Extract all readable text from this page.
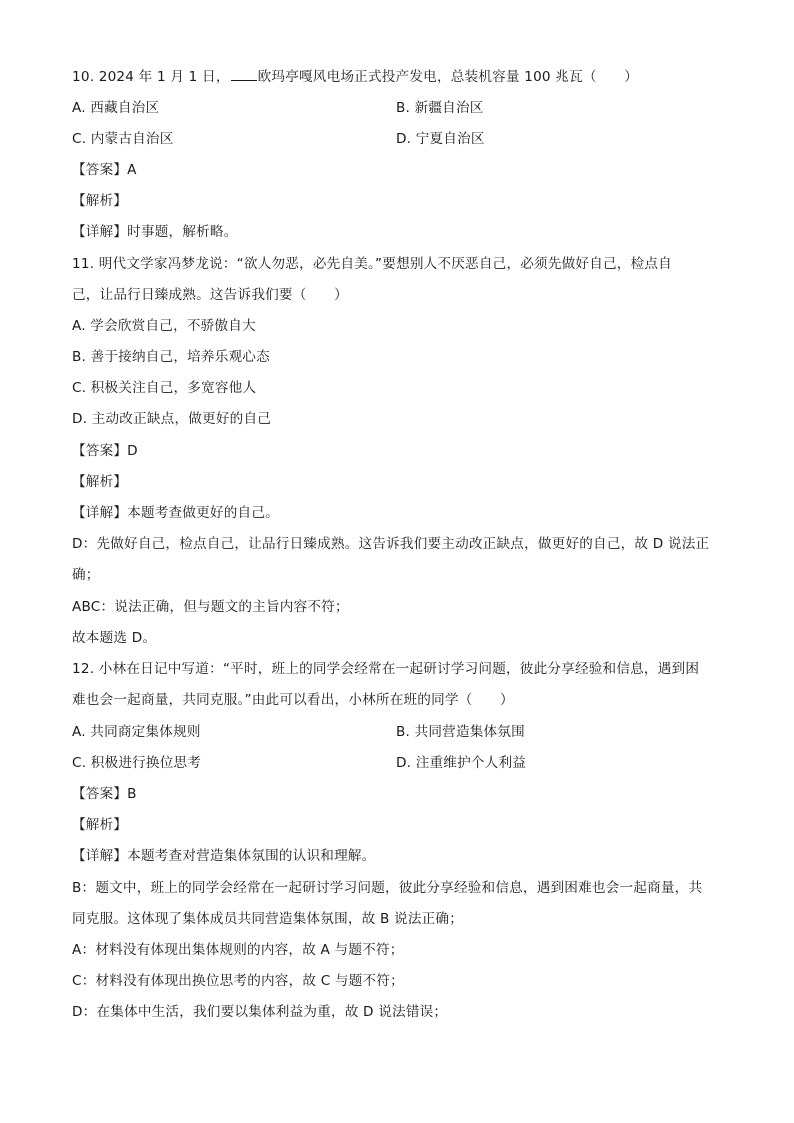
10. 2024 年 1 月 1 日， 欧玛亭嘎风电场正式投产发电，总装机容量 100 兆瓦（　　）
A. 西藏自治区	B. 新疆自治区
C. 内蒙古自治区	D. 宁夏自治区
【答案】A
【解析】
【详解】时事题，解析略。
11. 明代文学家冯梦龙说：“欲人勿恶，必先自美。”要想别人不厌恶自己，必须先做好自己，检点自
己，让品行日臻成熟。这告诉我们要（　　）
A. 学会欣赏自己，不骄傲自大
B. 善于接纳自己，培养乐观心态
C. 积极关注自己，多宽容他人
D. 主动改正缺点，做更好的自己
【答案】D
【解析】
【详解】本题考查做更好的自己。
D：先做好自己，检点自己，让品行日臻成熟。这告诉我们要主动改正缺点，做更好的自己，故 D 说法正
确；
ABC：说法正确，但与题文的主旨内容不符；
故本题选 D。
12. 小林在日记中写道：“平时，班上的同学会经常在一起研讨学习问题，彼此分享经验和信息，遇到困
难也会一起商量，共同克服。”由此可以看出，小林所在班的同学（　　）
A. 共同商定集体规则	B. 共同营造集体氛围
C. 积极进行换位思考	D. 注重维护个人利益
【答案】B
【解析】
【详解】本题考查对营造集体氛围的认识和理解。
B：题文中，班上的同学会经常在一起研讨学习问题，彼此分享经验和信息，遇到困难也会一起商量，共
同克服。这体现了集体成员共同营造集体氛围，故 B 说法正确；
A：材料没有体现出集体规则的内容，故 A 与题不符；
C：材料没有体现出换位思考的内容，故 C 与题不符；
D：在集体中生活，我们要以集体利益为重，故 D 说法错误；
